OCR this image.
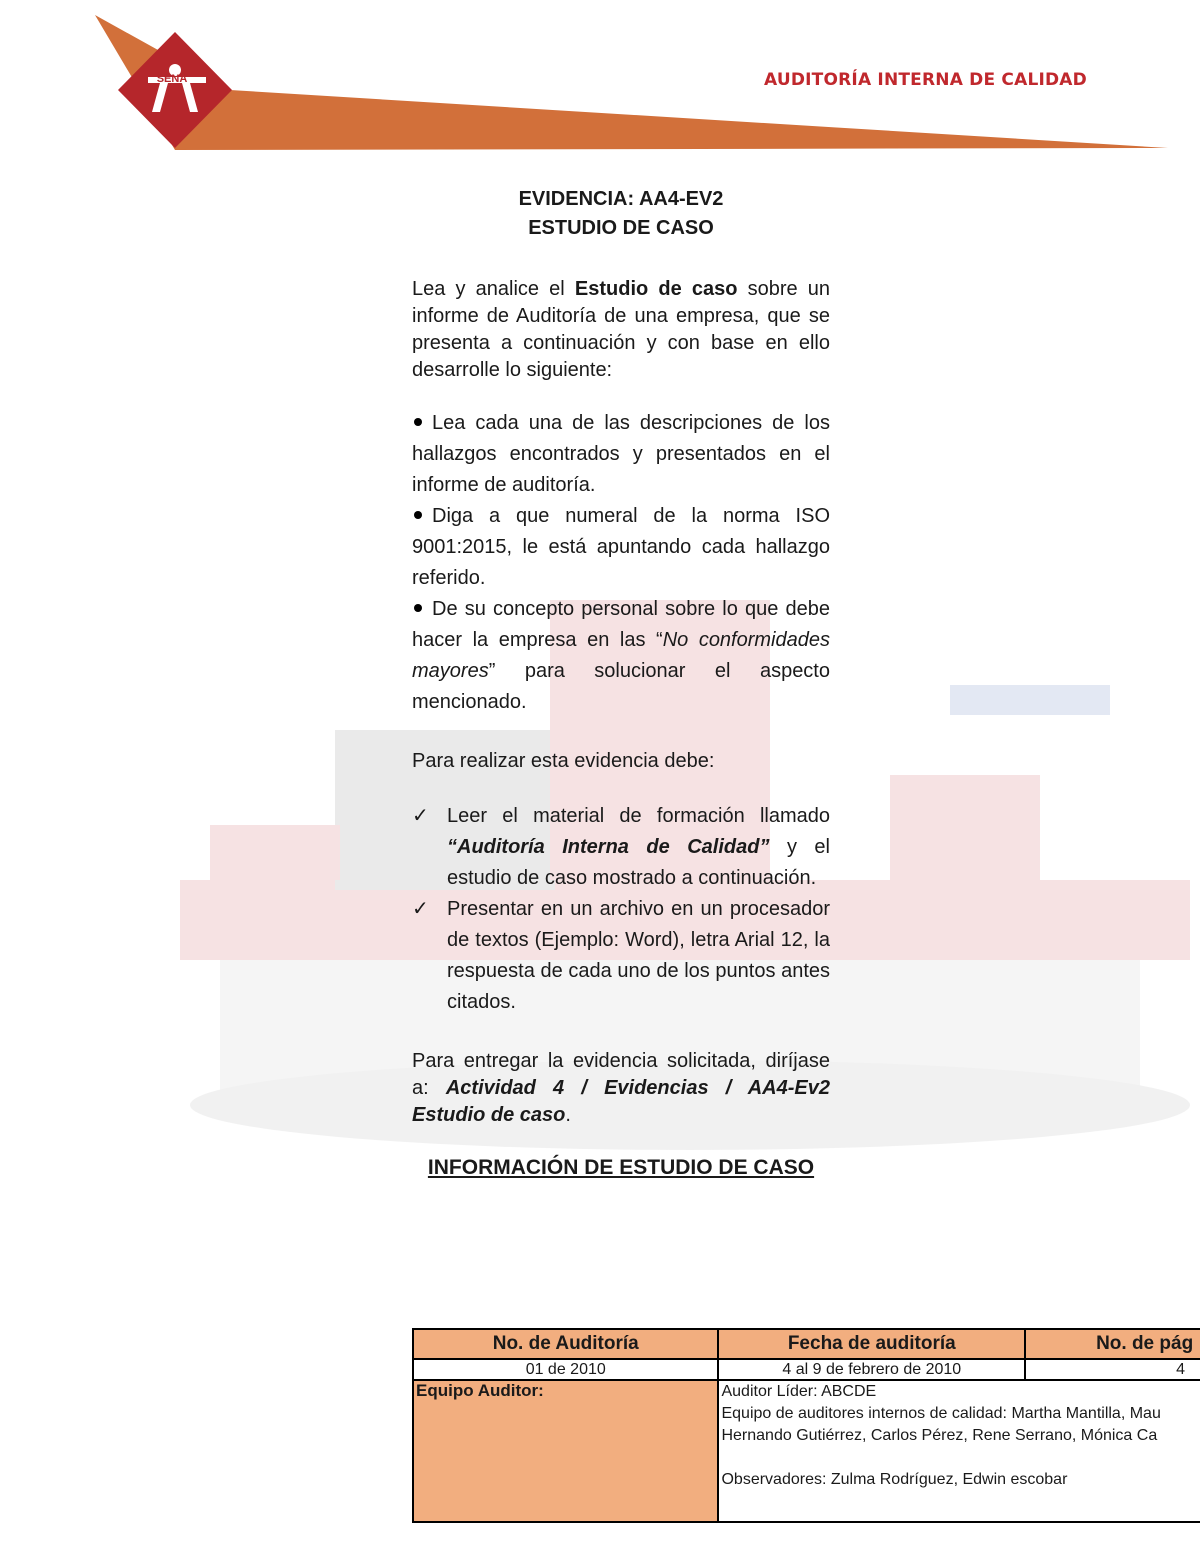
SENA	AUDITORÍA INTERNA DE CALIDAD
EVIDENCIA: AA4-EV2
ESTUDIO DE CASO

Lea y analice el Estudio de caso sobre un informe de Auditoría de una empresa, que se presenta a continuación y con base en ello desarrolle lo siguiente:

Lea cada una de las descripciones de los hallazgos encontrados y presentados en el informe de auditoría.
Diga a que numeral de la norma ISO 9001:2015, le está apuntando cada hallazgo referido.
De su concepto personal sobre lo que debe hacer la empresa en las “No conformidades mayores” para solucionar el aspecto mencionado.

Para realizar esta evidencia debe:

✓ Leer el material de formación llamado “Auditoría Interna de Calidad” y el estudio de caso mostrado a continuación.
✓ Presentar en un archivo en un procesador de textos (Ejemplo: Word), letra Arial 12, la respuesta de cada uno de los puntos antes citados.

Para entregar la evidencia solicitada, diríjase a: Actividad 4 / Evidencias / AA4-Ev2 Estudio de caso.

INFORMACIÓN DE ESTUDIO DE CASO
No. de Auditoría	Fecha de auditoría	No. de pág
01 de 2010	4 al 9 de febrero de 2010	4
Equipo Auditor:	Auditor Líder: ABCDE
Equipo de auditores internos de calidad: Martha Mantilla, Mau
Hernando Gutiérrez, Carlos Pérez, Rene Serrano, Mónica Ca
Observadores: Zulma Rodríguez, Edwin escobar	
